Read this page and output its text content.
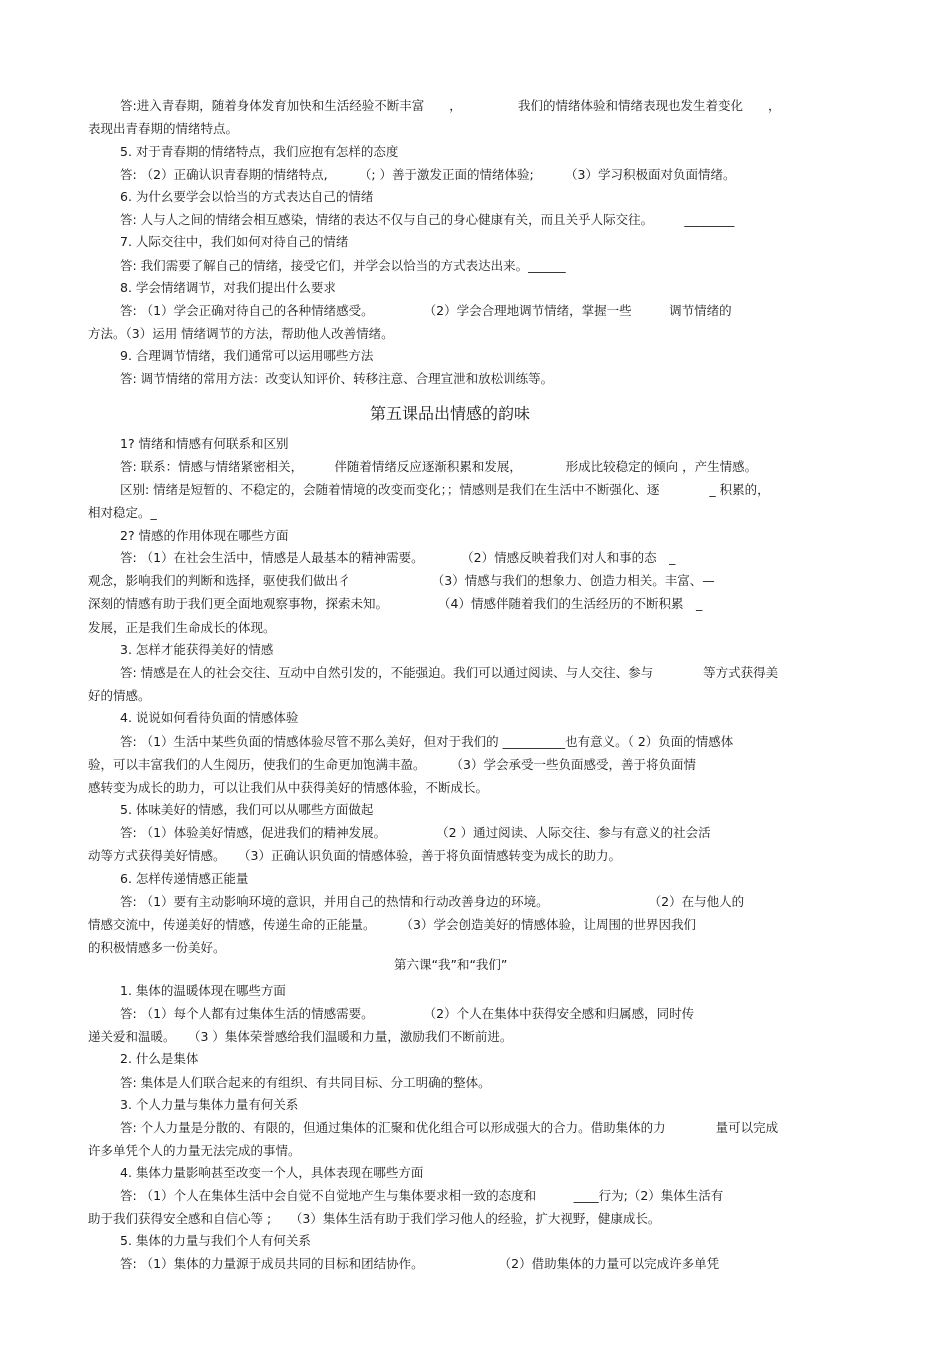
第五课品出情感的韵味
第六课“我”和“我们”
答:进入青春期，随着身体发育加快和生活经验不断丰富　　，　　　　　我们的情绪体验和情绪表现也发生着变化　　，
表现出青春期的情绪特点。
5. 对于青春期的情绪特点，我们应抱有怎样的态度
答: （2）正确认识青春期的情绪特点,　　　（; ）善于激发正面的情绪体验;　　　（3）学习积极面对负面情绪。
6. 为什幺要学会以恰当的方式表达自己的情绪
答: 人与人之间的情绪会相互感染，情绪的表达不仅与自己的身心健康有关，而且关乎人际交往。　　　________
7. 人际交往中，我们如何对待自己的情绪
答: 我们需要了解自己的情绪，接受它们，并学会以恰当的方式表达出来。______
8. 学会情绪调节，对我们提出什么要求
答: （1）学会正确对待自己的各种情绪感受。　　　　　（2）学会合理地调节情绪，掌握一些　　　调节情绪的
方法。（3）运用 情绪调节的方法，帮助他人改善情绪。
9. 合理调节情绪，我们通常可以运用哪些方法
答: 调节情绪的常用方法：改变认知评价、转移注意、合理宣泄和放松训练等。
1? 情绪和情感有何联系和区别
答: 联系：情感与情绪紧密相关，　　　伴随着情绪反应逐渐积累和发展，　　　　形成比较稳定的倾向 ，产生情感。
区别: 情绪是短暂的、不稳定的，会随着情境的改变而变化；；情感则是我们在生活中不断强化、逐　　　　_ 积累的，
相对稳定。_
2? 情感的作用体现在哪些方面
答: （1）在社会生活中，情感是人最基本的精神需要。　　　　（2）情感反映着我们对人和事的态　_
观念，影响我们的判断和选择，驱使我们做出彳　　　　　　　（3）情感与我们的想象力、创造力相关。丰富、—
深刻的情感有助于我们更全面地观察事物，探索未知。　　　　　（4）情感伴随着我们的生活经历的不断积累　_
发展，正是我们生命成长的体现。
3. 怎样才能获得美好的情感
答: 情感是在人的社会交往、互动中自然引发的，不能强迫。我们可以通过阅读、与人交往、参与　　　　等方式获得美
好的情感。
4. 说说如何看待负面的情感体验
答: （1）生活中某些负面的情感体验尽管不那么美好，但对于我们的 __________也有意义。（ 2）负面的情感体
验，可以丰富我们的人生阅历，使我们的生命更加饱满丰盈。　　　（3）学会承受一些负面感受，善于将负面情
感转变为成长的助力，可以让我们从中获得美好的情感体验，不断成长。
5. 体味美好的情感，我们可以从哪些方面做起
答: （1）体验美好情感，促进我们的精神发展。　　　　　（2 ）通过阅读、人际交往、参与有意义的社会活
动等方式获得美好情感。　　（3）正确认识负面的情感体验，善于将负面情感转变为成长的助力。
6. 怎样传递情感正能量
答: （1）要有主动影响环境的意识，并用自己的热情和行动改善身边的环境。　　　　　　　　　（2）在与他人的
情感交流中，传递美好的情感，传递生命的正能量。　　　（3）学会创造美好的情感体验，让周围的世界因我们
的积极情感多一份美好。
1. 集体的温暖体现在哪些方面
答: （1）每个人都有过集体生活的情感需要。　　　　　（2）个人在集体中获得安全感和归属感，同时传
递关爱和温暖。　　（3 ）集体荣誉感给我们温暖和力量，激励我们不断前进。
2. 什么是集体
答: 集体是人们联合起来的有组织、有共同目标、分工明确的整体。
3. 个人力量与集体力量有何关系
答: 个人力量是分散的、有限的，但通过集体的汇聚和优化组合可以形成强大的合力。借助集体的力　　　　量可以完成
许多单凭个人的力量无法完成的事情。
4. 集体力量影响甚至改变一个人，具体表现在哪些方面
答: （1）个人在集体生活中会自觉不自觉地产生与集体要求相一致的态度和　　　____行为;（2）集体生活有
助于我们获得安全感和自信心等 ;　　（3）集体生活有助于我们学习他人的经验，扩大视野，健康成长。
5. 集体的力量与我们个人有何关系
答: （1）集体的力量源于成员共同的目标和团结协作。　　　　　　　（2）借助集体的力量可以完成许多单凭
